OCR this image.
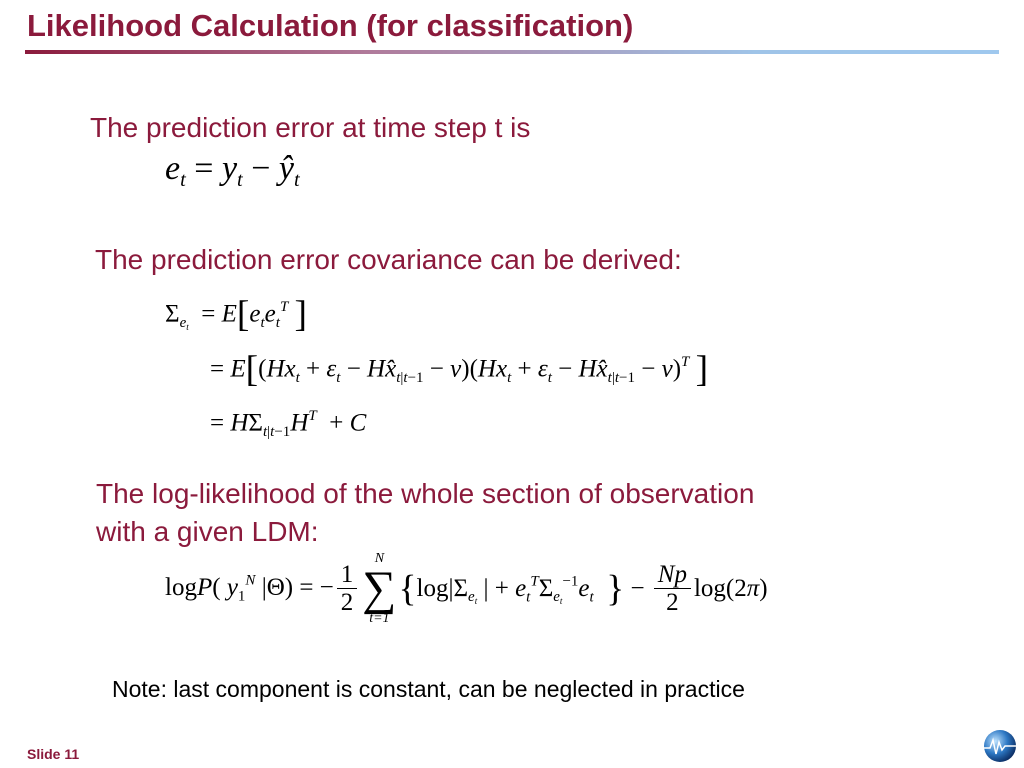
Likelihood Calculation (for classification)
The prediction error at time step t is
$e_t = y_t$ − $ŷ_t$
The prediction error covariance can be derived:
$\Sigma_{e_t} = E[e_te_t^T$ ]
= $E[(Hx_t + \varepsilon_t$ − $Hx̂_{t|t-1} - v)(Hx_t + \varepsilon_t$ − $Hx̂_{t|t-1} - v)^T$ ]
= $H\Sigma_{t|t-1}H^T + C$
The log-likelihood of the whole section of observation
with a given LDM:
logP( $y_1^N$ |Θ) = − $\frac{1}{2}$
N
∑
t=1
{$\log|\Sigma_{e_t}$ | + $e_t^T\Sigma_{e_t}^{-1}e_t$ } − $\frac{Np}{2} \log(2\pi)$
Note: last component is constant, can be neglected in practice
Slide 11
